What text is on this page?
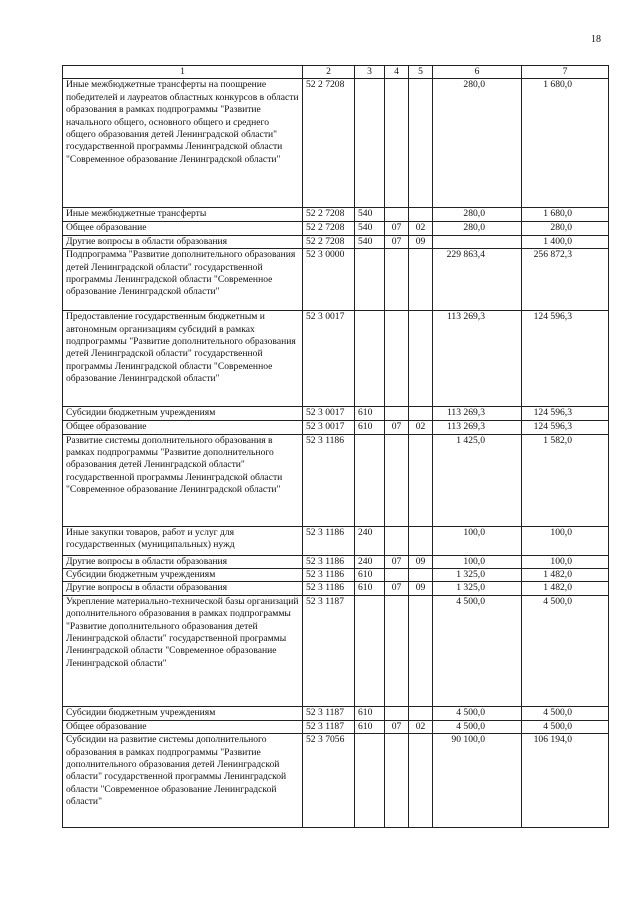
18
1	2	3	4	5	6	7
Иные межбюджетные трансферты на поощрение победителей и лауреатов областных конкурсов в области образования в рамках подпрограммы "Развитие начального общего, основного общего и среднего общего образования детей Ленинградской области" государственной программы Ленинградской области "Современное образование Ленинградской области"	52 2 7208				280,0	1 680,0
Иные межбюджетные трансферты	52 2 7208	540			280,0	1 680,0
Общее образование	52 2 7208	540	07	02	280,0	280,0
Другие вопросы в области образования	52 2 7208	540	07	09		1 400,0
Подпрограмма "Развитие дополнительного образования детей Ленинградской области" государственной программы Ленинградской области "Современное образование Ленинградской области"	52 3 0000				229 863,4	256 872,3
Предоставление государственным бюджетным и автономным организациям субсидий в рамках подпрограммы "Развитие дополнительного образования детей Ленинградской области" государственной программы Ленинградской области "Современное образование Ленинградской области"	52 3 0017				113 269,3	124 596,3
Субсидии бюджетным учреждениям	52 3 0017	610			113 269,3	124 596,3
Общее образование	52 3 0017	610	07	02	113 269,3	124 596,3
Развитие системы дополнительного образования в рамках подпрограммы "Развитие дополнительного образования детей Ленинградской области" государственной программы Ленинградской области "Современное образование Ленинградской области"	52 3 1186				1 425,0	1 582,0
Иные закупки товаров, работ и услуг для государственных (муниципальных) нужд	52 3 1186	240			100,0	100,0
Другие вопросы в области образования	52 3 1186	240	07	09	100,0	100,0
Субсидии бюджетным учреждениям	52 3 1186	610			1 325,0	1 482,0
Другие вопросы в области образования	52 3 1186	610	07	09	1 325,0	1 482,0
Укрепление материально-технической базы организаций дополнительного образования в рамках подпрограммы "Развитие дополнительного образования детей Ленинградской области" государственной программы Ленинградской области "Современное образование Ленинградской области"	52 3 1187				4 500,0	4 500,0
Субсидии бюджетным учреждениям	52 3 1187	610			4 500,0	4 500,0
Общее образование	52 3 1187	610	07	02	4 500,0	4 500,0
Субсидии на развитие системы дополнительного образования в рамках подпрограммы "Развитие дополнительного образования детей Ленинградской области" государственной программы Ленинградской области "Современное образование Ленинградской области"	52 3 7056				90 100,0	106 194,0
